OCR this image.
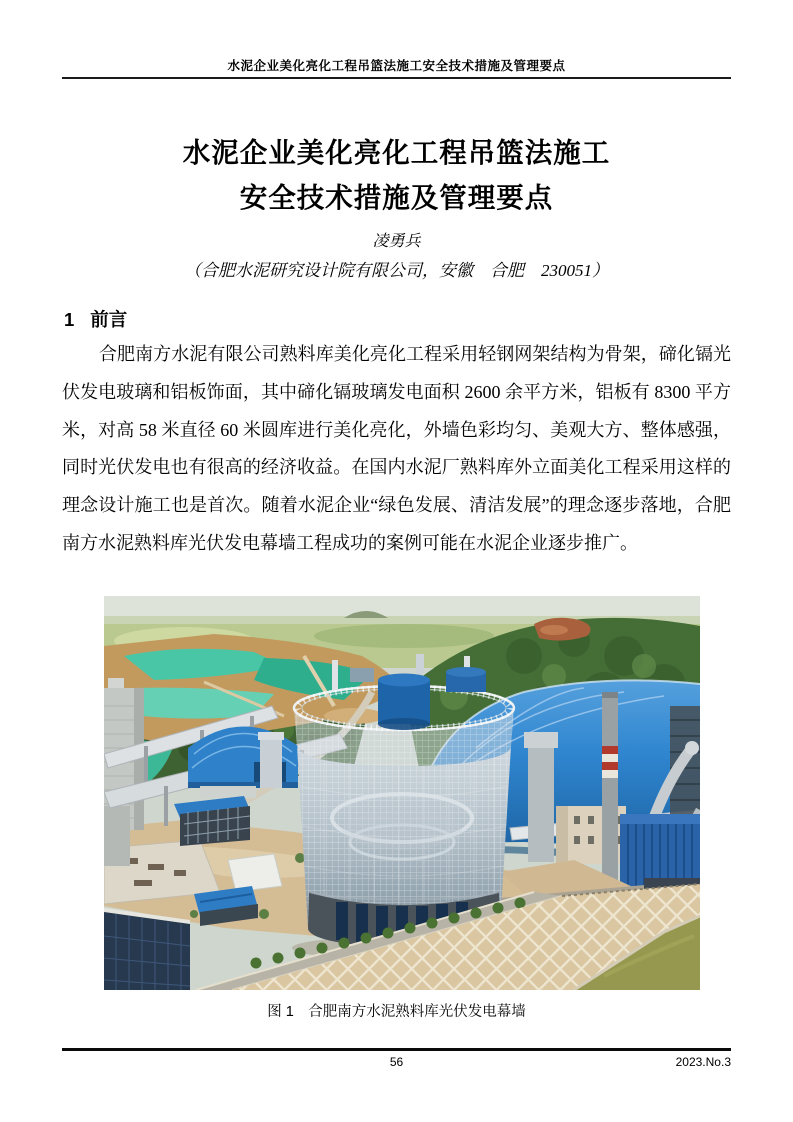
水泥企业美化亮化工程吊篮法施工安全技术措施及管理要点
水泥企业美化亮化工程吊篮法施工
安全技术措施及管理要点
凌勇兵
（合肥水泥研究设计院有限公司，安徽　合肥　230051）
1 前言
合肥南方水泥有限公司熟料库美化亮化工程采用轻钢网架结构为骨架，碲化镉光伏发电玻璃和铝板饰面，其中碲化镉玻璃发电面积 2600 余平方米，铝板有 8300 平方米，对高 58 米直径 60 米圆库进行美化亮化，外墙色彩均匀、美观大方、整体感强，同时光伏发电也有很高的经济收益。在国内水泥厂熟料库外立面美化工程采用这样的理念设计施工也是首次。随着水泥企业“绿色发展、清洁发展”的理念逐步落地，合肥南方水泥熟料库光伏发电幕墙工程成功的案例可能在水泥企业逐步推广。
图 1　合肥南方水泥熟料库光伏发电幕墙
56	2023.No.3
